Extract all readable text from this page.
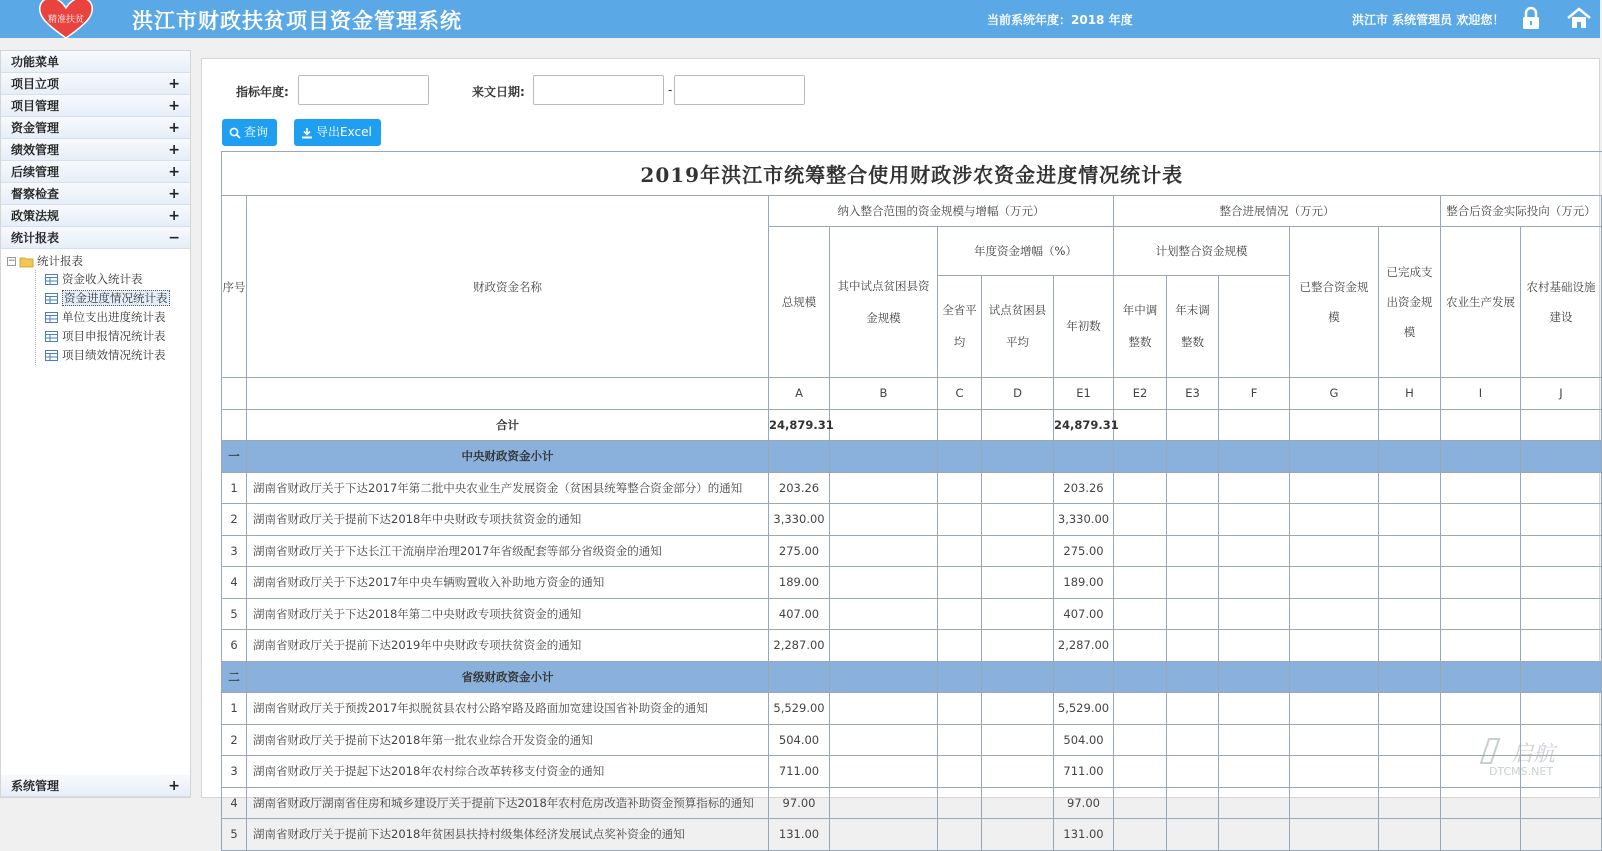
精准扶贫 洪江市财政扶贫项目资金管理系统	当前系统年度：2018 年度	洪江市 系统管理员 欢迎您！
功能菜单
项目立项	+
项目管理	+
资金管理	+
绩效管理	+
后续管理	+
督察检查	+
政策法规	+
统计报表	−
− 统计报表
资金收入统计表
资金进度情况统计表
单位支出进度统计表
项目申报情况统计表
项目绩效情况统计表
系统管理	+
指标年度:	来文日期:	-
查询	导出Excel
2019年洪江市统筹整合使用财政涉农资金进度情况统计表														
序号	财政资金名称	纳入整合范围的资金规模与增幅（万元）					整合进展情况（万元）					整合后资金实际投向（万元）		
		总规模	其中试点贫困县资金规模	年度资金增幅（%）			计划整合资金规模			已整合资金规模	已完成支出资金规模	农业生产发展	农村基础设施建设	
				全省平均	试点贫困县平均	年初数	年中调整数	年末调整数						
		A	B	C	D	E1	E2	E3	F	G	H	I	J	
	合计	24,879.31				24,879.31								
一	中央财政资金小计													
1	湖南省财政厅关于下达2017年第二批中央农业生产发展资金（贫困县统筹整合资金部分）的通知	203.26				203.26								
2	湖南省财政厅关于提前下达2018年中央财政专项扶贫资金的通知	3,330.00				3,330.00								
3	湖南省财政厅关于下达长江干流崩岸治理2017年省级配套等部分省级资金的通知	275.00				275.00								
4	湖南省财政厅关于下达2017年中央车辆购置收入补助地方资金的通知	189.00				189.00								
5	湖南省财政厅关于下达2018年第二中央财政专项扶贫资金的通知	407.00				407.00								
6	湖南省财政厅关于提前下达2019年中央财政专项扶贫资金的通知	2,287.00				2,287.00								
二	省级财政资金小计													
1	湖南省财政厅关于预拨2017年拟脱贫县农村公路窄路及路面加宽建设国省补助资金的通知	5,529.00				5,529.00								
2	湖南省财政厅关于提前下达2018年第一批农业综合开发资金的通知	504.00				504.00								
3	湖南省财政厅关于提起下达2018年农村综合改革转移支付资金的通知	711.00				711.00								
4	湖南省财政厅湖南省住房和城乡建设厅关于提前下达2018年农村危房改造补助资金预算指标的通知	97.00				97.00								
5	湖南省财政厅关于提前下达2018年贫困县扶持村级集体经济发展试点奖补资金的通知	131.00				131.00								
DTCMS.NET
启航
